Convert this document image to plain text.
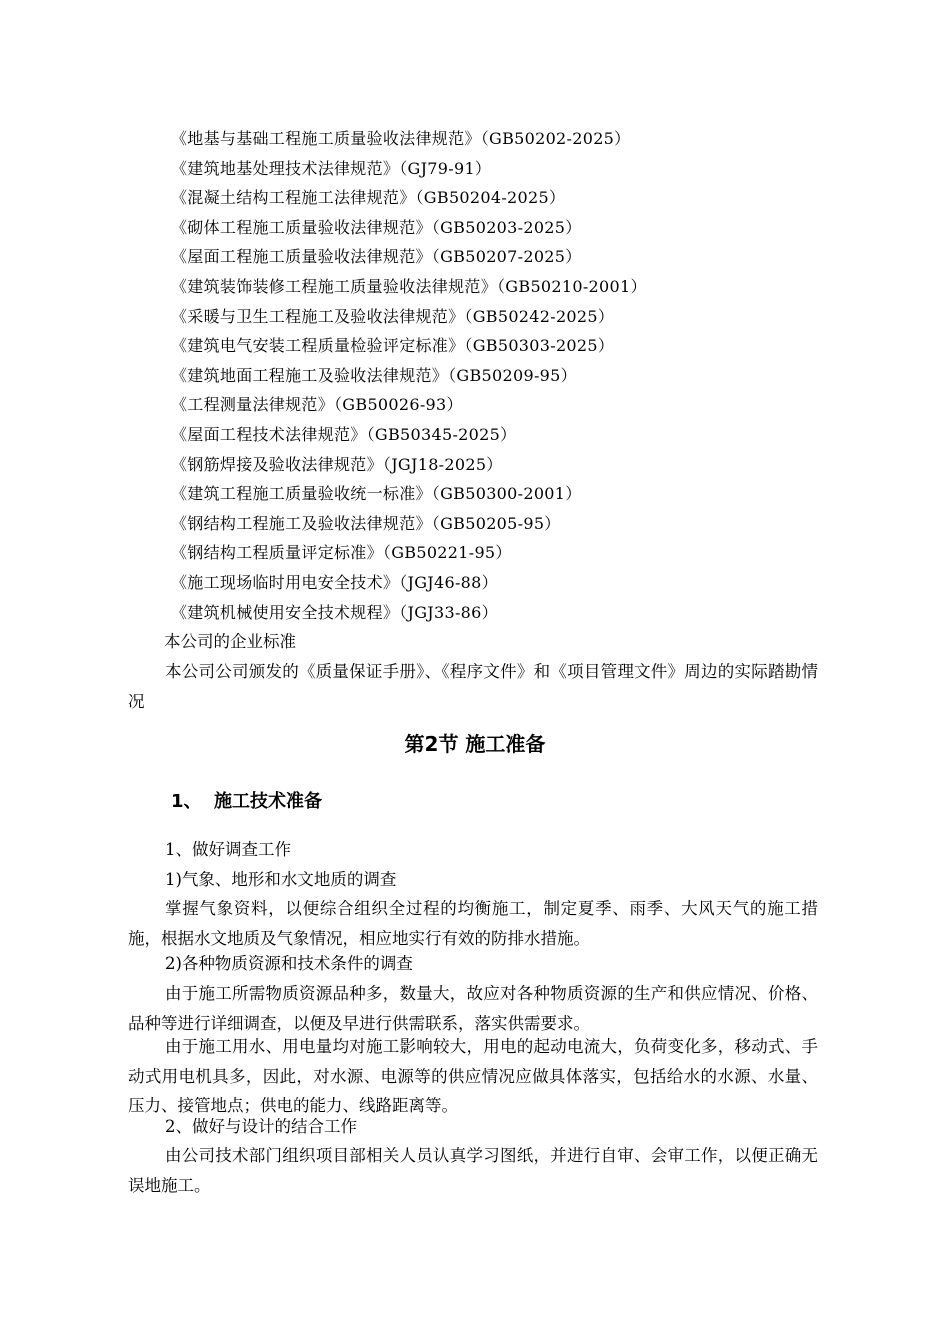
《地基与基础工程施工质量验收法律规范》（GB50202-2025）
《建筑地基处理技术法律规范》（GJ79-91）
《混凝土结构工程施工法律规范》（GB50204-2025）
《砌体工程施工质量验收法律规范》（GB50203-2025）
《屋面工程施工质量验收法律规范》（GB50207-2025）
《建筑装饰装修工程施工质量验收法律规范》（GB50210-2001）
《采暖与卫生工程施工及验收法律规范》（GB50242-2025）
《建筑电气安装工程质量检验评定标准》（GB50303-2025）
《建筑地面工程施工及验收法律规范》（GB50209-95）
《工程测量法律规范》（GB50026-93）
《屋面工程技术法律规范》（GB50345-2025）
《钢筋焊接及验收法律规范》（JGJ18-2025）
《建筑工程施工质量验收统一标准》（GB50300-2001）
《钢结构工程施工及验收法律规范》（GB50205-95）
《钢结构工程质量评定标准》（GB50221-95）
《施工现场临时用电安全技术》（JGJ46-88）
《建筑机械使用安全技术规程》（JGJ33-86）
本公司的企业标准
本公司公司颁发的《质量保证手册》、《程序文件》和《项目管理文件》周边的实际踏勘情况
第2节 施工准备
1、 施工技术准备
1、做好调查工作
1)气象、地形和水文地质的调查
掌握气象资料，以便综合组织全过程的均衡施工，制定夏季、雨季、大风天气的施工措施，根据水文地质及气象情况，相应地实行有效的防排水措施。
2)各种物质资源和技术条件的调查
由于施工所需物质资源品种多，数量大，故应对各种物质资源的生产和供应情况、价格、品种等进行详细调查，以便及早进行供需联系，落实供需要求。
由于施工用水、用电量均对施工影响较大，用电的起动电流大，负荷变化多，移动式、手动式用电机具多，因此，对水源、电源等的供应情况应做具体落实，包括给水的水源、水量、压力、接管地点；供电的能力、线路距离等。
2、做好与设计的结合工作
由公司技术部门组织项目部相关人员认真学习图纸，并进行自审、会审工作，以便正确无误地施工。
